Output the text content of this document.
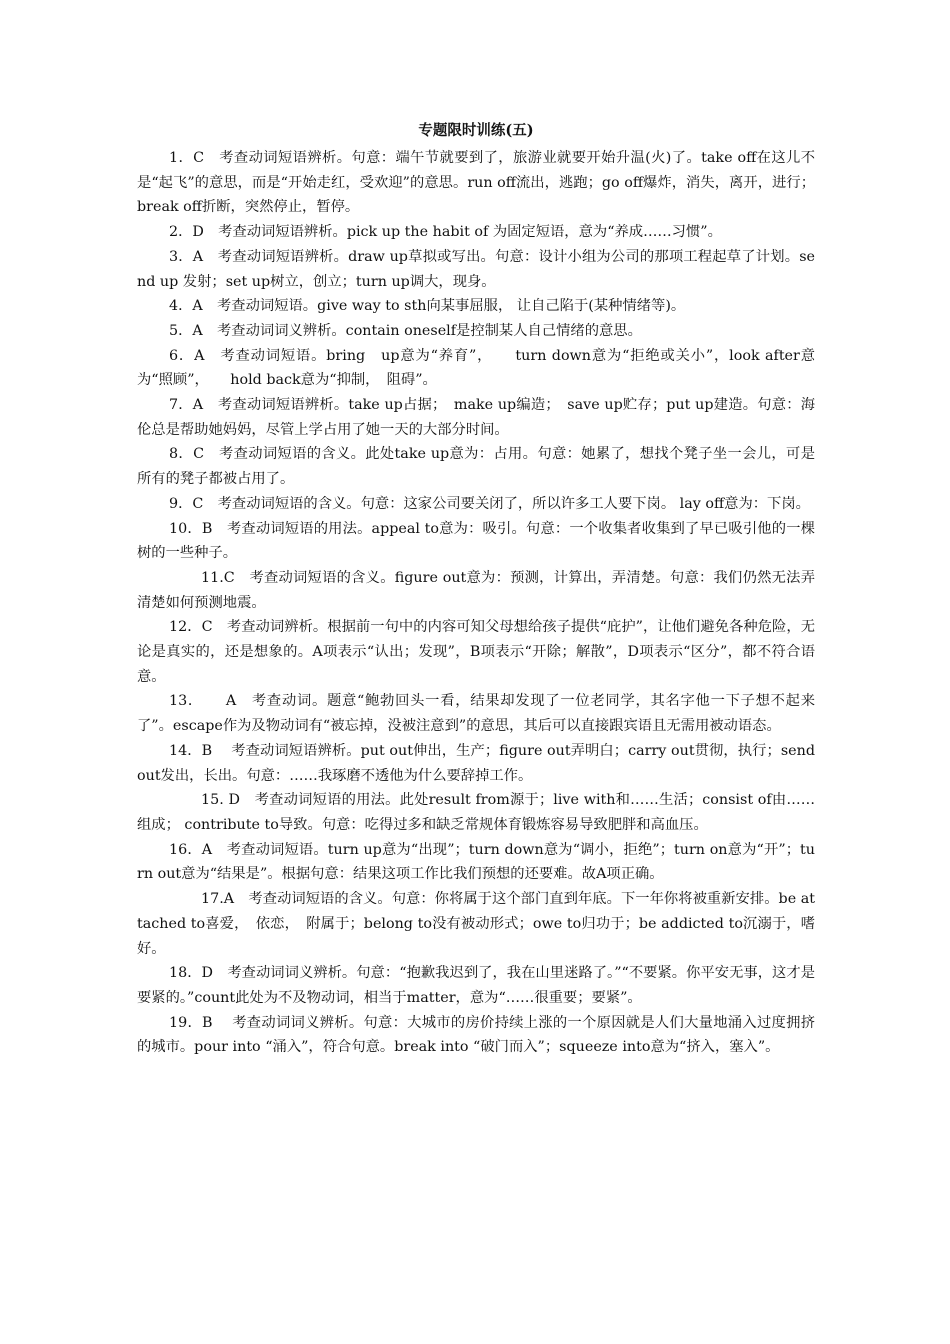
专题限时训练(五)

1．C　考查动词短语辨析。句意：端午节就要到了，旅游业就要开始升温(火)了。take off在这儿不是“起飞”的意思，而是“开始走红，受欢迎”的意思。run off流出，逃跑；go off爆炸，消失，离开，进行；break off折断，突然停止，暂停。

2．D　考查动词短语辨析。pick up the habit of 为固定短语，意为“养成……习惯”。

3．A　考查动词短语辨析。draw up草拟或写出。句意：设计小组为公司的那项工程起草了计划。send up 发射；set up树立，创立；turn up调大，现身。

4．A　考查动词短语。give way to sth向某事屈服， 让自己陷于(某种情绪等)。

5．A　考查动词词义辨析。contain oneself是控制某人自己情绪的意思。

6．A　考查动词短语。bring　up意为“养育”，　　turn down意为“拒绝或关小”，look after意为“照顾”，　　hold back意为“抑制，　阻碍”。

7．A　考查动词短语辨析。take up占据；　make up编造；　save up贮存；put up建造。句意：海伦总是帮助她妈妈，尽管上学占用了她一天的大部分时间。

8．C　考查动词短语的含义。此处take up意为：占用。句意：她累了，想找个凳子坐一会儿，可是所有的凳子都被占用了。

9．C　考查动词短语的含义。句意：这家公司要关闭了，所以许多工人要下岗。 lay off意为：下岗。

10．B　考查动词短语的用法。appeal to意为：吸引。句意：一个收集者收集到了早已吸引他的一棵树的一些种子。

11.C　考查动词短语的含义。figure out意为：预测，计算出，弄清楚。句意：我们仍然无法弄清楚如何预测地震。

12．C　考查动词辨析。根据前一句中的内容可知父母想给孩子提供“庇护”，让他们避免各种危险，无论是真实的，还是想象的。A项表示“认出；发现”，B项表示“开除；解散”，D项表示“区分”，都不符合语意。

13．　　A　考查动词。题意“鲍勃回头一看，结果却发现了一位老同学，其名字他一下子想不起来了”。escape作为及物动词有“被忘掉，没被注意到”的意思，其后可以直接跟宾语且无需用被动语态。

14．B　 考查动词短语辨析。put out伸出，生产；figure out弄明白；carry out贯彻，执行；send out发出，长出。句意：……我琢磨不透他为什么要辞掉工作。

15. D　考查动词短语的用法。此处result from源于；live with和……生活；consist of由……组成； contribute to导致。句意：吃得过多和缺乏常规体育锻炼容易导致肥胖和高血压。

16．A　考查动词短语。turn up意为“出现”；turn down意为“调小，拒绝”；turn on意为“开”；turn out意为“结果是”。根据句意：结果这项工作比我们预想的还要难。故A项正确。

17.A　考查动词短语的含义。句意：你将属于这个部门直到年底。下一年你将被重新安排。be attached to喜爱，　依恋，　附属于；belong to没有被动形式；owe to归功于；be addicted to沉溺于，嗜好。

18．D　考查动词词义辨析。句意：“抱歉我迟到了，我在山里迷路了。”“不要紧。你平安无事，这才是要紧的。”count此处为不及物动词，相当于matter，意为“……很重要；要紧”。

19．B　 考查动词词义辨析。句意：大城市的房价持续上涨的一个原因就是人们大量地涌入过度拥挤的城市。pour into “涌入”，符合句意。break into “破门而入”；squeeze into意为“挤入，塞入”。
